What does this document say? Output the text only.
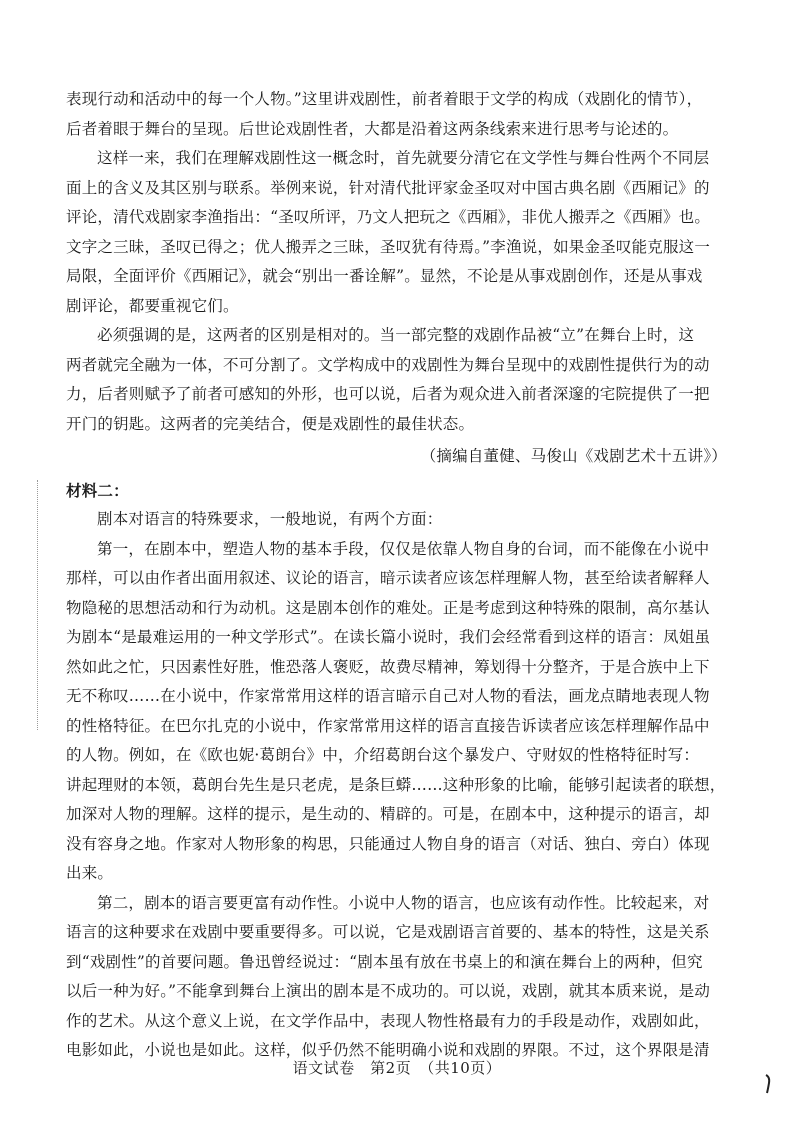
表现行动和活动中的每一个人物。”这里讲戏剧性，前者着眼于文学的构成（戏剧化的情节），
后者着眼于舞台的呈现。后世论戏剧性者，大都是沿着这两条线索来进行思考与论述的。
这样一来，我们在理解戏剧性这一概念时，首先就要分清它在文学性与舞台性两个不同层
面上的含义及其区别与联系。举例来说，针对清代批评家金圣叹对中国古典名剧《西厢记》的
评论，清代戏剧家李渔指出：“圣叹所评，乃文人把玩之《西厢》，非优人搬弄之《西厢》也。
文字之三昧，圣叹已得之；优人搬弄之三昧，圣叹犹有待焉。”李渔说，如果金圣叹能克服这一
局限，全面评价《西厢记》，就会“别出一番诠解”。显然，不论是从事戏剧创作，还是从事戏
剧评论，都要重视它们。
必须强调的是，这两者的区别是相对的。当一部完整的戏剧作品被“立”在舞台上时，这
两者就完全融为一体，不可分割了。文学构成中的戏剧性为舞台呈现中的戏剧性提供行为的动
力，后者则赋予了前者可感知的外形，也可以说，后者为观众进入前者深邃的宅院提供了一把
开门的钥匙。这两者的完美结合，便是戏剧性的最佳状态。
（摘编自董健、马俊山《戏剧艺术十五讲》）
材料二：
剧本对语言的特殊要求，一般地说，有两个方面：
第一，在剧本中，塑造人物的基本手段，仅仅是依靠人物自身的台词，而不能像在小说中
那样，可以由作者出面用叙述、议论的语言，暗示读者应该怎样理解人物，甚至给读者解释人
物隐秘的思想活动和行为动机。这是剧本创作的难处。正是考虑到这种特殊的限制，高尔基认
为剧本“是最难运用的一种文学形式”。在读长篇小说时，我们会经常看到这样的语言：凤姐虽
然如此之忙，只因素性好胜，惟恐落人褒贬，故费尽精神，筹划得十分整齐，于是合族中上下
无不称叹……在小说中，作家常常用这样的语言暗示自己对人物的看法，画龙点睛地表现人物
的性格特征。在巴尔扎克的小说中，作家常常用这样的语言直接告诉读者应该怎样理解作品中
的人物。例如，在《欧也妮·葛朗台》中，介绍葛朗台这个暴发户、守财奴的性格特征时写：
讲起理财的本领，葛朗台先生是只老虎，是条巨蟒……这种形象的比喻，能够引起读者的联想，
加深对人物的理解。这样的提示，是生动的、精辟的。可是，在剧本中，这种提示的语言，却
没有容身之地。作家对人物形象的构思，只能通过人物自身的语言（对话、独白、旁白）体现
出来。
第二，剧本的语言要更富有动作性。小说中人物的语言，也应该有动作性。比较起来，对
语言的这种要求在戏剧中要重要得多。可以说，它是戏剧语言首要的、基本的特性，这是关系
到“戏剧性”的首要问题。鲁迅曾经说过：“剧本虽有放在书桌上的和演在舞台上的两种，但究
以后一种为好。”不能拿到舞台上演出的剧本是不成功的。可以说，戏剧，就其本质来说，是动
作的艺术。从这个意义上说，在文学作品中，表现人物性格最有力的手段是动作，戏剧如此，
电影如此，小说也是如此。这样，似乎仍然不能明确小说和戏剧的界限。不过，这个界限是清
语文试卷　第2页　（共10页）
